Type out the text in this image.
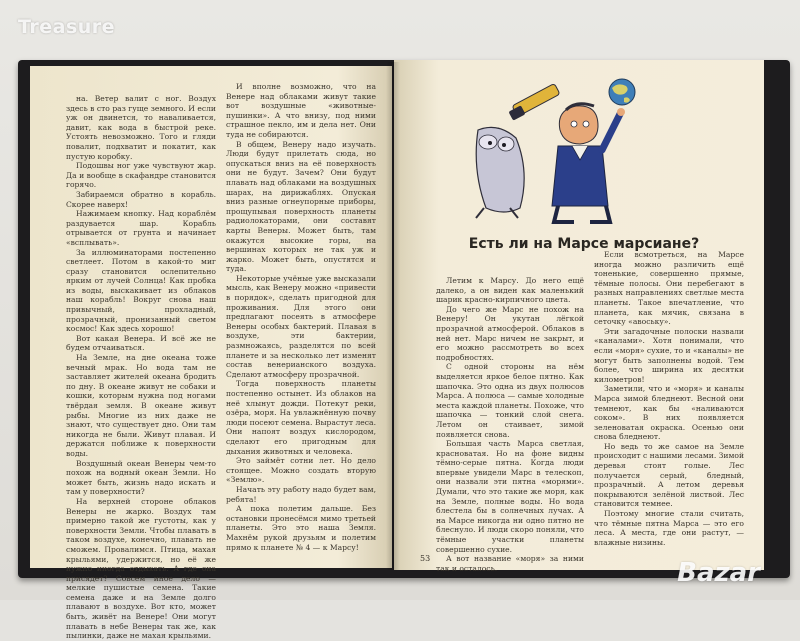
на. Ветер валит с ног. Воздух здесь в сто раз гуще земного. И если уж он двинется, то наваливается, давит, как вода в быстрой реке. Устоять невозможно. Того и гляди повалит, подхватит и покатит, как пустую коробку.

Подошвы ног уже чувствуют жар. Да и вообще в скафандре становится горячо.

Забираемся обратно в корабль. Скорее наверх!

Нажимаем кнопку. Над кораблём раздувается шар. Корабль отрывается от грунта и начинает «всплывать».

За иллюминаторами постепенно светлеет. Потом в какой-то миг сразу становится ослепительно ярким от лучей Солнца! Как пробка из воды, выскакивает из облаков наш корабль! Вокруг снова наш привычный, прохладный, прозрачный, пронизанный светом космос! Как здесь хорошо!

Вот какая Венера. И всё же не будем отчаиваться.

На Земле, на дне океана тоже вечный мрак. Но вода там не заставляет жителей океана бродить по дну. В океане живут не собаки и кошки, которым нужна под ногами твёрдая земля. В океане живут рыбы. Многие из них даже не знают, что существует дно. Они там никогда не были. Живут плавая. И держатся поближе к поверхности воды.

Воздушный океан Венеры чем-то похож на водный океан Земли. Но может быть, жизнь надо искать и там у поверхности?

На верхней стороне облаков Венеры не жарко. Воздух там примерно такой же густоты, как у поверхности Земли. Чтобы плавать в таком воздухе, конечно, плавать не сможем. Провалимся. Птица, махая крыльями, удержится, но её же нужно иногда отдыхать. А где она присядет? Совсем иное дело — мелкие пушистые семена. Такие семена даже и на Земле долго плавают в воздухе. Вот кто, может быть, живёт на Венере! Они могут плавать в небе Венеры так же, как пылинки, даже не махая крыльями.

И вполне возможно, что на Венере над облаками живут такие вот воздушные «животные-пушинки». А что внизу, под ними страшное пекло, им и дела нет. Они туда не собираются.

В общем, Венеру надо изучать. Люди будут прилетать сюда, но опускаться вниз на её поверхность они не будут. Зачем? Они будут плавать над облаками на воздушных шарах, на дирижаблях. Опуская вниз разные огнеупорные приборы, прощупывая поверхность планеты радиолокаторами, они составят карты Венеры. Может быть, там окажутся высокие горы, на вершинах которых не так уж и жарко. Может быть, опустятся и туда.

Некоторые учёные уже высказали мысль, как Венеру можно «привести в порядок», сделать пригодной для проживания. Для этого они предлагают посеять в атмосфере Венеры особых бактерий. Плавая в воздухе, эти бактерии, размножаясь, разделятся по всей планете и за несколько лет изменят состав венерианского воздуха. Сделают атмосферу прозрачной.

Тогда поверхность планеты постепенно остынет. Из облаков на неё хлынут дожди. Потекут реки, озёра, моря. На увлажнённую почву люди посеют семена. Вырастут леса. Они напоят воздух кислородом, сделают его пригодным для дыхания животных и человека.

Это займёт сотни лет. Но дело стоящее. Можно создать вторую «Землю».

Начать эту работу надо будет вам, ребята!

А пока полетим дальше. Без остановки пронесёмся мимо третьей планеты. Это это наша Земля. Махнём рукой друзьям и полетим прямо к планете № 4 — к Марсу!

Есть ли на Марсе марсиане?

Летим к Марсу. До него ещё далеко, а он виден как маленький шарик красно-кирпичного цвета.

До чего же Марс не похож на Венеру! Он укутан лёгкой прозрачной атмосферой. Облаков в ней нет. Марс ничем не закрыт, и его можно рассмотреть во всех подробностях.

С одной стороны на нём выделяется яркое белое пятно. Как шапочка. Это одна из двух полюсов Марса. А полюса — самые холодные места каждой планеты. Похоже, что шапочка — тонкий слой снега. Летом он стаивает, зимой появляется снова.

Большая часть Марса светлая, красноватая. Но на фоне видны тёмно-серые пятна. Когда люди впервые увидели Марс в телескоп, они назвали эти пятна «морями». Думали, что это такие же моря, как на Земле, полные воды. Но вода блестела бы в солнечных лучах. А на Марсе никогда ни одно пятно не блеснуло. И люди скоро поняли, что тёмные участки планеты совершенно сухие.

А вот название «моря» за ними так и осталось.

Если всмотреться, на Марсе иногда можно различить ещё тоненькие, совершенно прямые, тёмные полосы. Они перебегают в разных направлениях светлые места планеты. Такое впечатление, что планета, как мячик, связана в сеточку «авоську».

Эти загадочные полоски назвали «каналами». Хотя понимали, что если «моря» сухие, то и «каналы» не могут быть заполнены водой. Тем более, что ширина их десятки километров!

Заметили, что и «моря» и каналы Марса зимой бледнеют. Весной они темнеют, как бы «наливаются соком». В них появляется зеленоватая окраска. Осенью они снова бледнеют.

Но ведь то же самое на Земле происходит с нашими лесами. Зимой деревья стоят голые. Лес получается серый, бледный, прозрачный. А летом деревья покрываются зелёной листвой. Лес становится темнее.

Поэтому многие стали считать, что тёмные пятна Марса — это его леса. А места, где они растут, — влажные низины.

53
Treasure
Bazar
